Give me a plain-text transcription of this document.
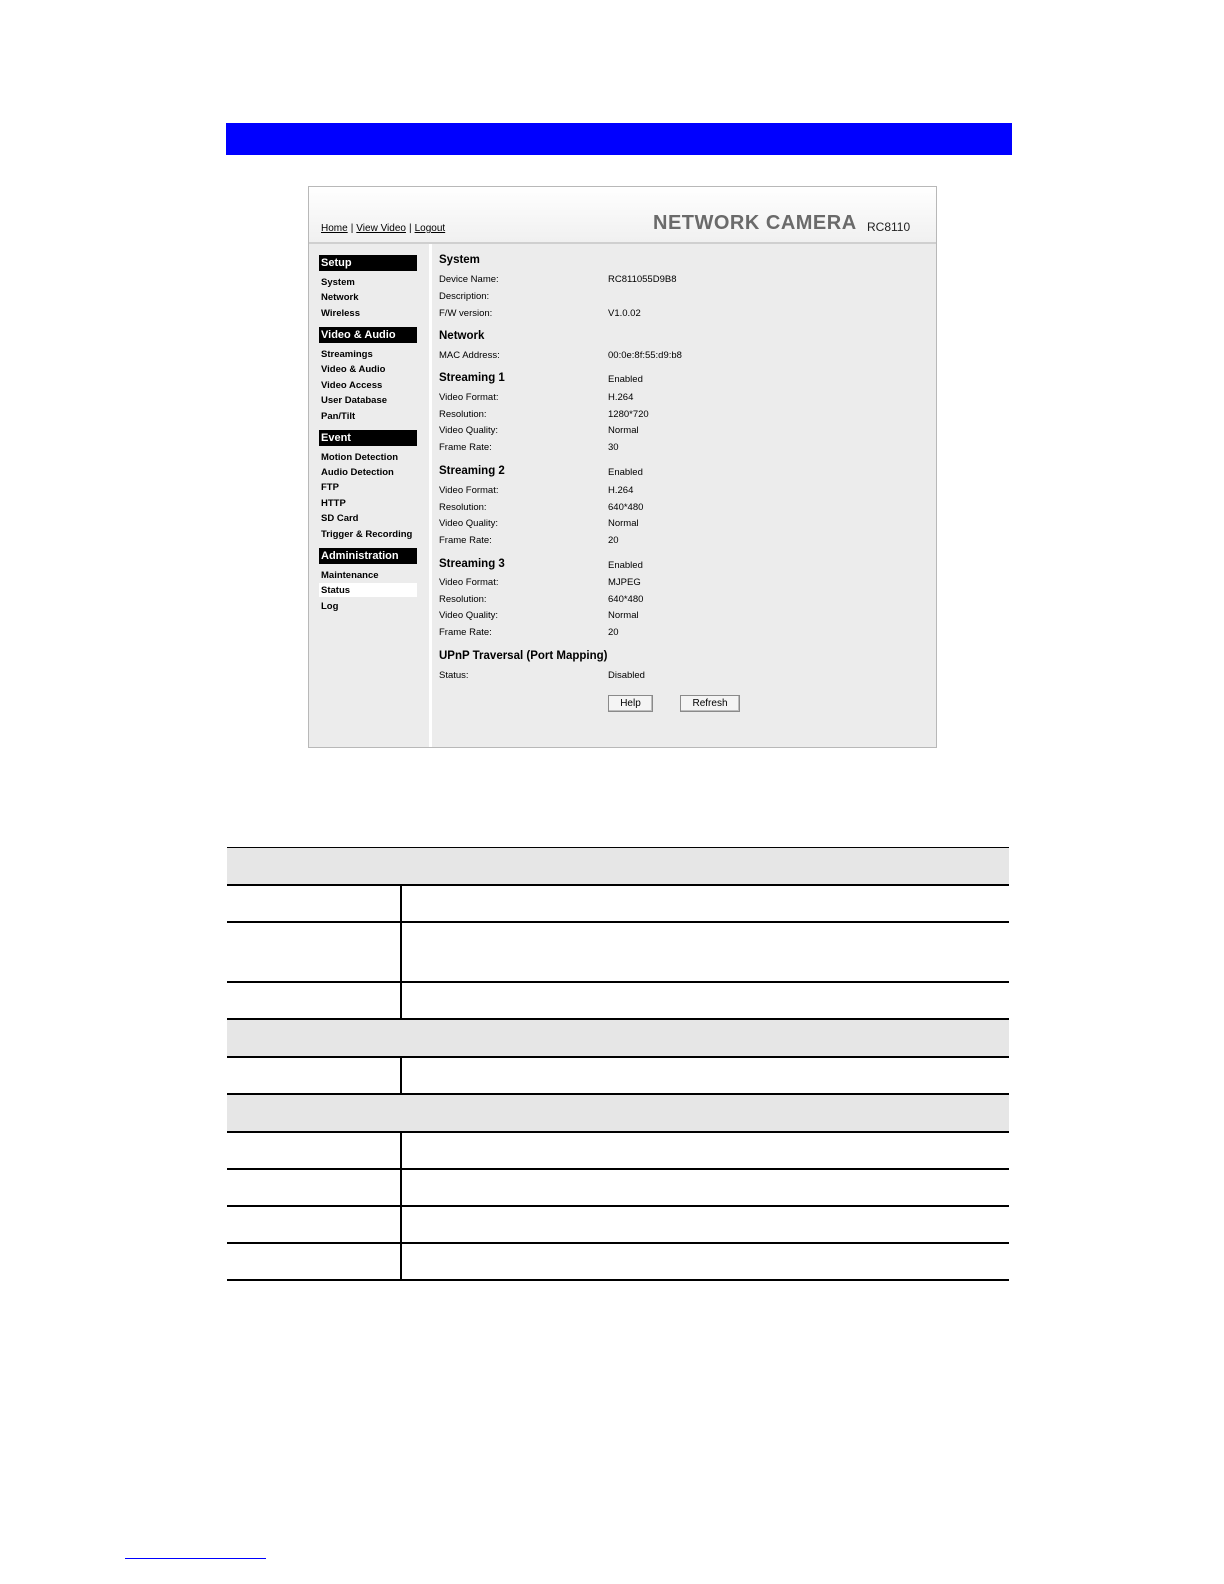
Home | View Video | Logout	NETWORK CAMERA RC8110
Setup
System
Network
Wireless
Video & Audio
Streamings
Video & Audio
Video Access
User Database
Pan/Tilt
Event
Motion Detection
Audio Detection
FTP
HTTP
SD Card
Trigger & Recording
Administration
Maintenance
Status
Log
System
Device Name:	RC811055D9B8
Description:
F/W version:	V1.0.02
Network
MAC Address:	00:0e:8f:55:d9:b8
Streaming 1	Enabled
Video Format:	H.264
Resolution:	1280*720
Video Quality:	Normal
Frame Rate:	30
Streaming 2	Enabled
Video Format:	H.264
Resolution:	640*480
Video Quality:	Normal
Frame Rate:	20
Streaming 3	Enabled
Video Format:	MJPEG
Resolution:	640*480
Video Quality:	Normal
Frame Rate:	20
UPnP Traversal (Port Mapping)
Status:	Disabled
Help	Refresh
